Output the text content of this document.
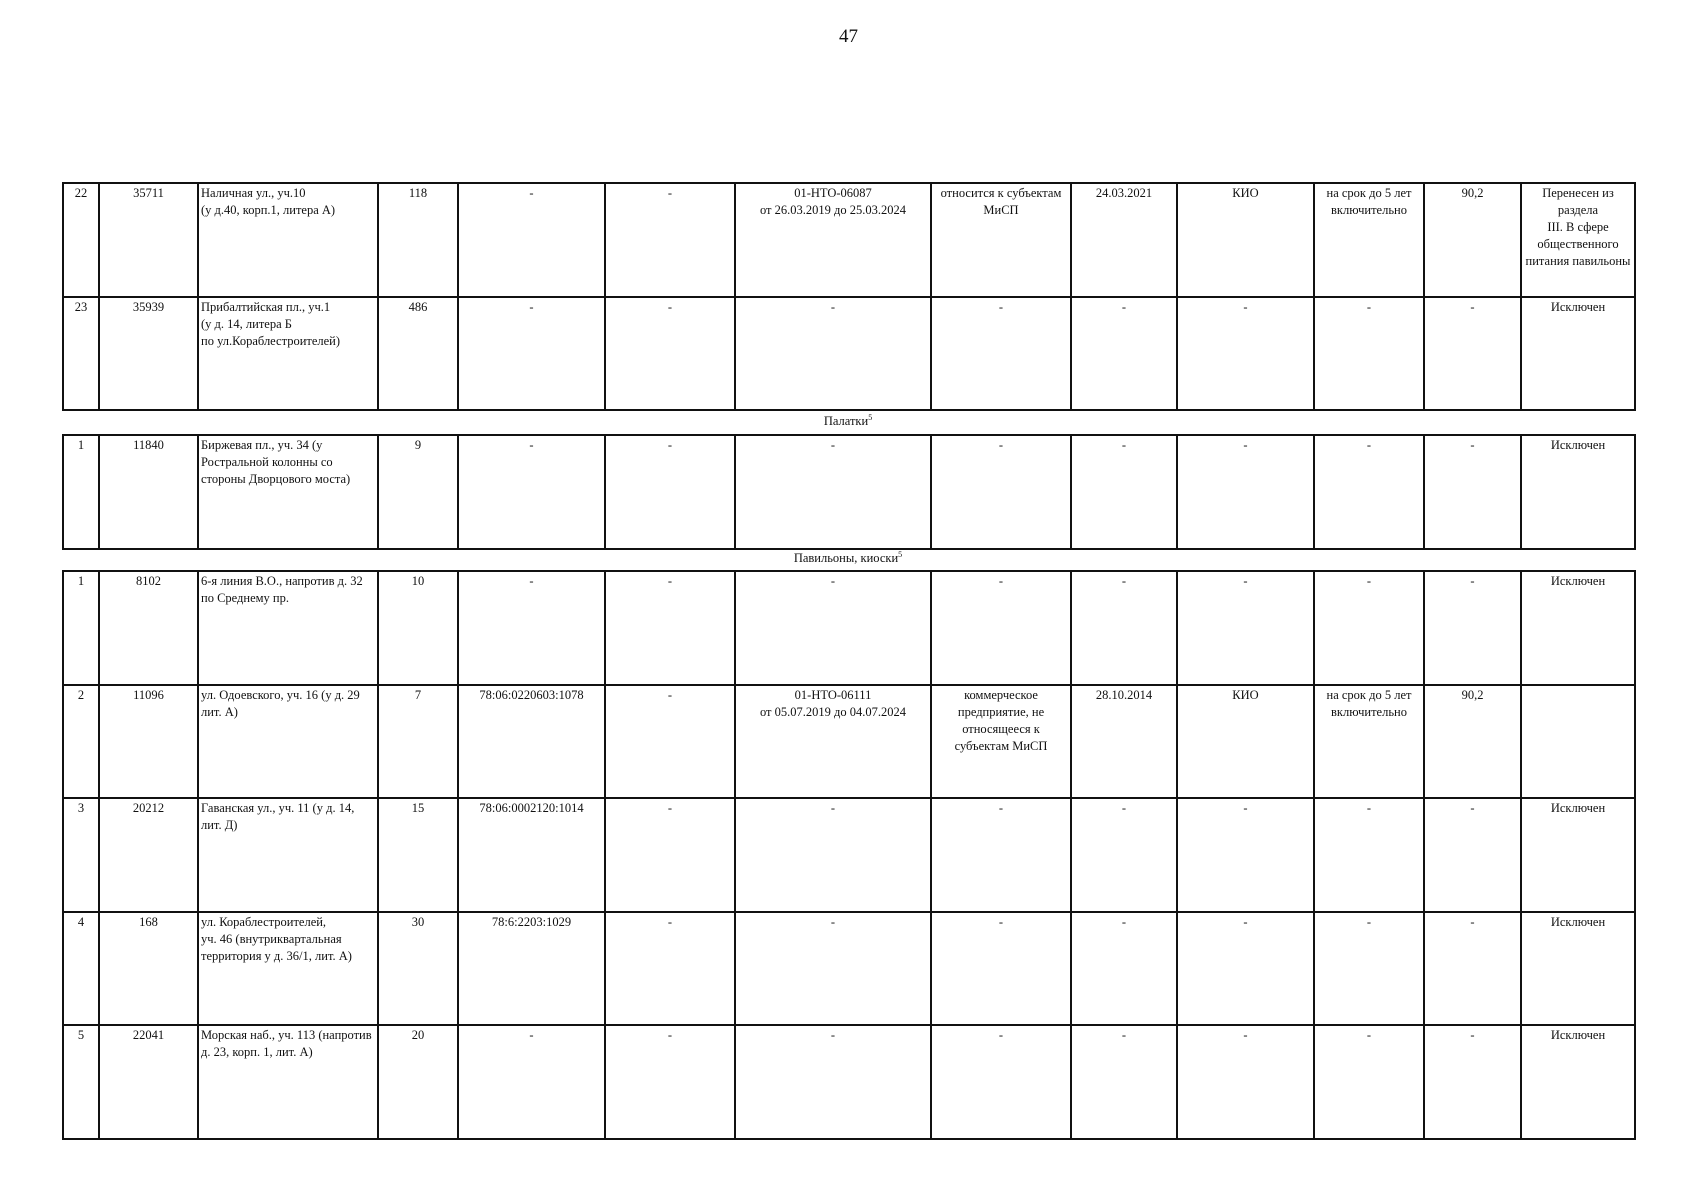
47
22	35711	Наличная ул., уч.10
(у д.40, корп.1, литера А)	118	-	-	01-НТО-06087
от 26.03.2019 до 25.03.2024	относится к субъектам МиСП	24.03.2021	КИО	на срок до 5 лет включительно	90,2	Перенесен из раздела
III. В сфере общественного питания павильоны
23	35939	Прибалтийская пл., уч.1
(у д. 14, литера Б
по ул.Кораблестроителей)	486	-	-	-	-	-	-	-	-	Исключен
Палатки$^5$
1	11840	Биржевая пл., уч. 34 (у Ростральной колонны со стороны Дворцового моста)	9	-	-	-	-	-	-	-	-	Исключен
Павильоны, киоски$^5$
1	8102	6-я линия В.О., напротив д. 32 по Среднему пр.	10	-	-	-	-	-	-	-	-	Исключен
2	11096	ул. Одоевского, уч. 16 (у д. 29 лит. А)	7	78:06:0220603:1078	-	01-НТО-06111
от 05.07.2019 до 04.07.2024	коммерческое предприятие, не относящееся к субъектам МиСП	28.10.2014	КИО	на срок до 5 лет включительно	90,2	
3	20212	Гаванская ул., уч. 11 (у д. 14, лит. Д)	15	78:06:0002120:1014	-	-	-	-	-	-	-	Исключен
4	168	ул. Кораблестроителей,
уч. 46 (внутриквартальная территория у д. 36/1, лит. А)	30	78:6:2203:1029	-	-	-	-	-	-	-	Исключен
5	22041	Морская наб., уч. 113 (напротив д. 23, корп. 1, лит. А)	20	-	-	-	-	-	-	-	-	Исключен
